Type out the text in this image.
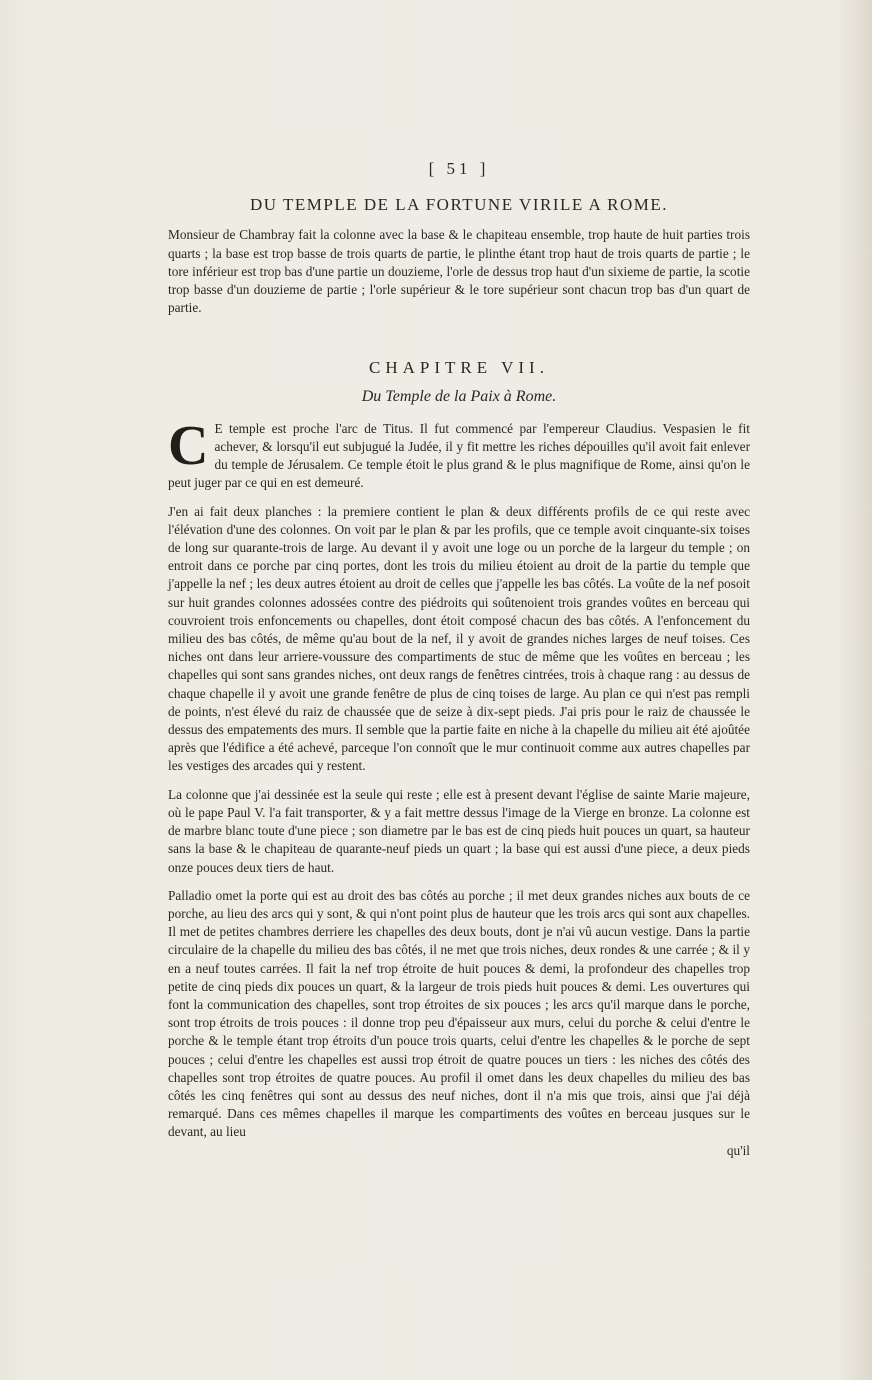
[ 51 ]
DU TEMPLE DE LA FORTUNE VIRILE A ROME.

Monsieur de Chambray fait la colonne avec la base & le chapiteau ensemble, trop haute de huit parties trois quarts ; la base est trop basse de trois quarts de partie, le plinthe étant trop haut de trois quarts de partie ; le tore inférieur est trop bas d'une partie un douzieme, l'orle de dessus trop haut d'un sixieme de partie, la scotie trop basse d'un douzieme de partie ; l'orle supérieur & le tore supérieur sont chacun trop bas d'un quart de partie.

CHAPITRE VII.
Du Temple de la Paix à Rome.

C E temple est proche l'arc de Titus. Il fut commencé par l'empereur Claudius. Vespasien le fit achever, & lorsqu'il eut subjugué la Judée, il y fit mettre les riches dépouilles qu'il avoit fait enlever du temple de Jérusalem. Ce temple étoit le plus grand & le plus magnifique de Rome, ainsi qu'on le peut juger par ce qui en est demeuré.

J'en ai fait deux planches : la premiere contient le plan & deux différents profils de ce qui reste avec l'élévation d'une des colonnes. On voit par le plan & par les profils, que ce temple avoit cinquante-six toises de long sur quarante-trois de large. Au devant il y avoit une loge ou un porche de la largeur du temple ; on entroit dans ce porche par cinq portes, dont les trois du milieu étoient au droit de la partie du temple que j'appelle la nef ; les deux autres étoient au droit de celles que j'appelle les bas côtés. La voûte de la nef posoit sur huit grandes colonnes adossées contre des piédroits qui soûtenoient trois grandes voûtes en berceau qui couvroient trois enfoncements ou chapelles, dont étoit composé chacun des bas côtés. A l'enfoncement du milieu des bas côtés, de même qu'au bout de la nef, il y avoit de grandes niches larges de neuf toises. Ces niches ont dans leur arriere-voussure des compartiments de stuc de même que les voûtes en berceau ; les chapelles qui sont sans grandes niches, ont deux rangs de fenêtres cintrées, trois à chaque rang : au dessus de chaque chapelle il y avoit une grande fenêtre de plus de cinq toises de large. Au plan ce qui n'est pas rempli de points, n'est élevé du raiz de chaussée que de seize à dix-sept pieds. J'ai pris pour le raiz de chaussée le dessus des empatements des murs. Il semble que la partie faite en niche à la chapelle du milieu ait été ajoûtée après que l'édifice a été achevé, parceque l'on connoît que le mur continuoit comme aux autres chapelles par les vestiges des arcades qui y restent.

La colonne que j'ai dessinée est la seule qui reste ; elle est à present devant l'église de sainte Marie majeure, où le pape Paul V. l'a fait transporter, & y a fait mettre dessus l'image de la Vierge en bronze. La colonne est de marbre blanc toute d'une piece ; son diametre par le bas est de cinq pieds huit pouces un quart, sa hauteur sans la base & le chapiteau de quarante-neuf pieds un quart ; la base qui est aussi d'une piece, a deux pieds onze pouces deux tiers de haut.

Palladio omet la porte qui est au droit des bas côtés au porche ; il met deux grandes niches aux bouts de ce porche, au lieu des arcs qui y sont, & qui n'ont point plus de hauteur que les trois arcs qui sont aux chapelles. Il met de petites chambres derriere les chapelles des deux bouts, dont je n'ai vû aucun vestige. Dans la partie circulaire de la chapelle du milieu des bas côtés, il ne met que trois niches, deux rondes & une carrée ; & il y en a neuf toutes carrées. Il fait la nef trop étroite de huit pouces & demi, la profondeur des chapelles trop petite de cinq pieds dix pouces un quart, & la largeur de trois pieds huit pouces & demi. Les ouvertures qui font la communication des chapelles, sont trop étroites de six pouces ; les arcs qu'il marque dans le porche, sont trop étroits de trois pouces : il donne trop peu d'épaisseur aux murs, celui du porche & celui d'entre le porche & le temple étant trop étroits d'un pouce trois quarts, celui d'entre les chapelles & le porche de sept pouces ; celui d'entre les chapelles est aussi trop étroit de quatre pouces un tiers : les niches des côtés des chapelles sont trop étroites de quatre pouces. Au profil il omet dans les deux chapelles du milieu des bas côtés les cinq fenêtres qui sont au dessus des neuf niches, dont il n'a mis que trois, ainsi que j'ai déjà remarqué. Dans ces mêmes chapelles il marque les compartiments des voûtes en berceau jusques sur le devant, au lieu

qu'il
